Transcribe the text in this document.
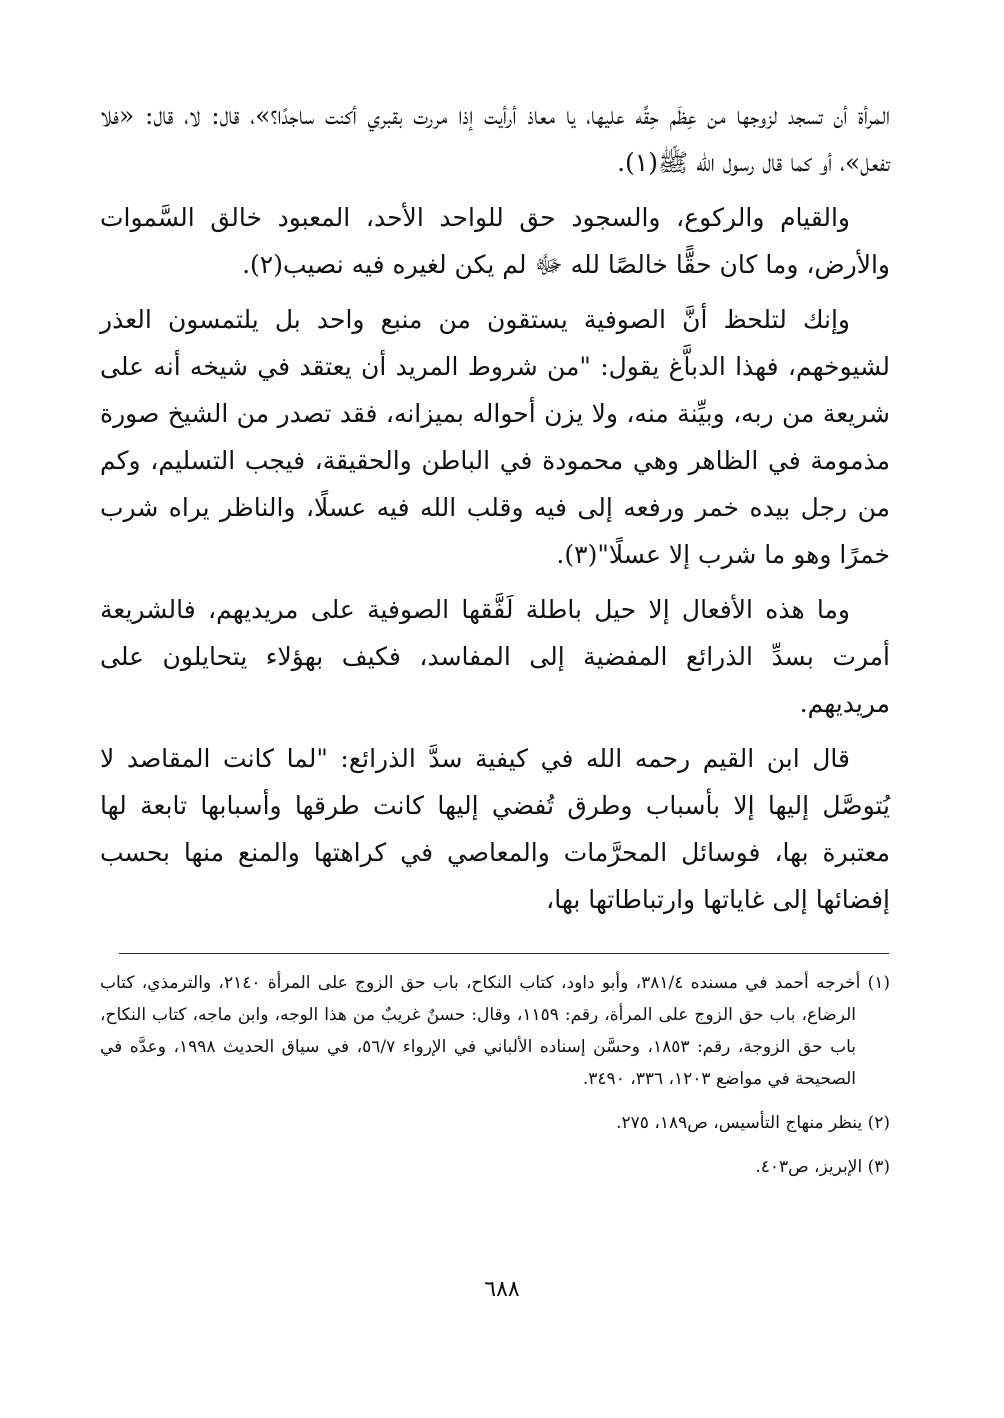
المرأة أن تسجد لزوجها من عِظَم حِقِّه عليها، يا معاذ أرأيت إذا مررت بقبري أكنت ساجدًا؟»، قال: لا، قال: «فلا تفعل»، أو كما قال رسول الله ﷺ(١).

والقيام والركوع، والسجود حق للواحد الأحد، المعبود خالق السَّموات والأرض، وما كان حقًّا خالصًا لله ﷻ لم يكن لغيره فيه نصيب(٢).

وإنك لتلحظ أنَّ الصوفية يستقون من منبع واحد بل يلتمسون العذر لشيوخهم، فهذا الدباَّغ يقول: "من شروط المريد أن يعتقد في شيخه أنه على شريعة من ربه، وبيِّنة منه، ولا يزن أحواله بميزانه، فقد تصدر من الشيخ صورة مذمومة في الظاهر وهي محمودة في الباطن والحقيقة، فيجب التسليم، وكم من رجل بيده خمر ورفعه إلى فيه وقلب الله فيه عسلًا، والناظر يراه شرب خمرًا وهو ما شرب إلا عسلًا"(٣).

وما هذه الأفعال إلا حيل باطلة لَفَّقها الصوفية على مريديهم، فالشريعة أمرت بسدِّ الذرائع المفضية إلى المفاسد، فكيف بهؤلاء يتحايلون على مريديهم.

قال ابن القيم رحمه الله في كيفية سدَّ الذرائع: "لما كانت المقاصد لا يُتوصَّل إليها إلا بأسباب وطرق تُفضي إليها كانت طرقها وأسبابها تابعة لها معتبرة بها، فوسائل المحرَّمات والمعاصي في كراهتها والمنع منها بحسب إفضائها إلى غاياتها وارتباطاتها بها،

(١) أخرجه أحمد في مسنده ٣٨١/٤، وأبو داود، كتاب النكاح، باب حق الزوج على المرأة ٢١٤٠، والترمذي، كتاب الرضاع، باب حق الزوج على المرأة، رقم: ١١٥٩، وقال: حسنٌ غريبٌ من هذا الوجه، وابن ماجه، كتاب النكاح، باب حق الزوجة، رقم: ١٨٥٣، وحسَّن إسناده الألباني في الإرواء ٥٦/٧، في سياق الحديث ١٩٩٨، وعدَّه في الصحيحة في مواضع ١٢٠٣، ٣٣٦، ٣٤٩٠.

(٢) ينظر منهاج التأسيس، ص١٨٩، ٢٧٥.

(٣) الإبريز، ص٤٠٣.

٦٨٨
